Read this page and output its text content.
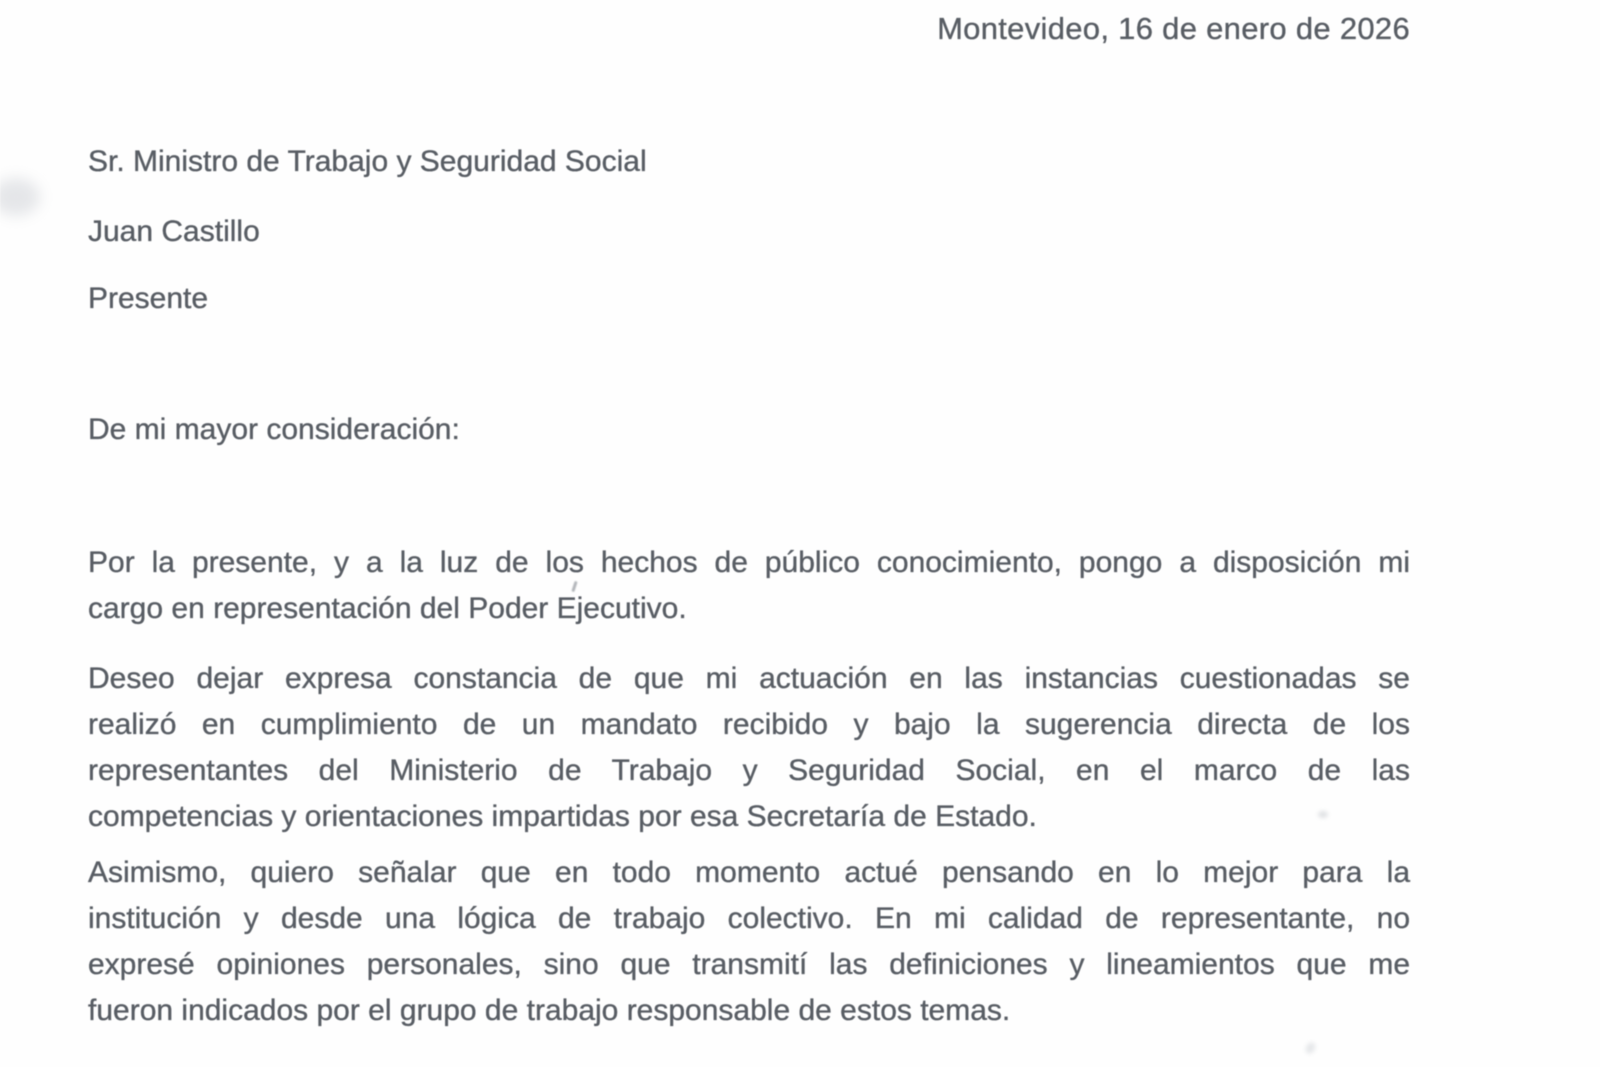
Montevideo, 16 de enero de 2026
Sr. Ministro de Trabajo y Seguridad Social
Juan Castillo
Presente
De mi mayor consideración:
Por la presente, y a la luz de los hechos de público conocimiento, pongo a disposición mi
cargo en representación del Poder Ejecutivo.
Deseo dejar expresa constancia de que mi actuación en las instancias cuestionadas se
realizó en cumplimiento de un mandato recibido y bajo la sugerencia directa de los
representantes del Ministerio de Trabajo y Seguridad Social, en el marco de las
competencias y orientaciones impartidas por esa Secretaría de Estado.
Asimismo, quiero señalar que en todo momento actué pensando en lo mejor para la
institución y desde una lógica de trabajo colectivo. En mi calidad de representante, no
expresé opiniones personales, sino que transmití las definiciones y lineamientos que me
fueron indicados por el grupo de trabajo responsable de estos temas.
